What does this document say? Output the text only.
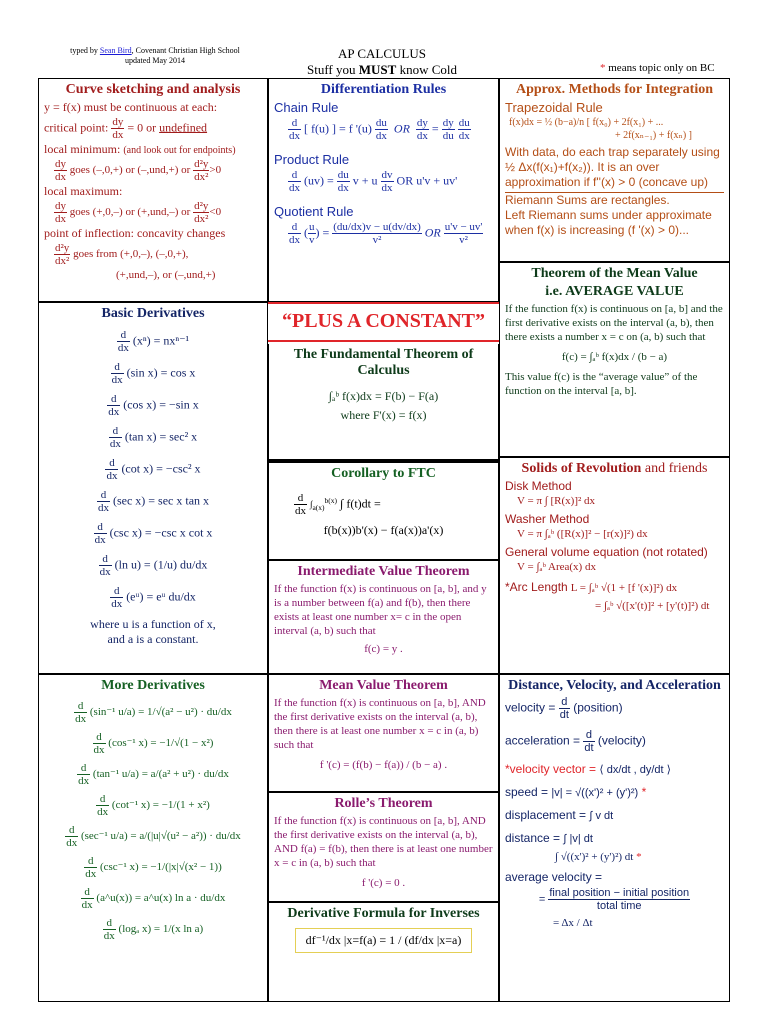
typed by Sean Bird, Covenant Christian High School
updated May 2014	AP CALCULUS
Stuff you MUST know Cold	* means topic only on BC
Curve sketching and analysis
y = f(x) must be continuous at each:
critical point: $\frac{dy}{dx} = 0$ or undefined
local minimum: (and look out for endpoints)
$\frac{dy}{dx}$ goes (–,0,+) or (–,und,+) or $\frac{\text{d²y}}{\text{dx²}} >0$
local maximum:
$\frac{dy}{dx}$ goes (+,0,–) or (+,und,–) or $\frac{\text{d²y}}{\text{dx²}} <0$
point of inflection: concavity changes
$\frac{\text{d²y}}{\text{dx²}}$ goes from (+,0,–), (–,0,+),
(+,und,–), or (–,und,+)
Differentiation Rules
Chain Rule
$\frac{d}{dx}$ [ f(u) ] = f '$(u) \frac{du}{dx}$ OR $\frac{dy}{dx} = \frac{dy}{du}$
$\frac{du}{dx}$
Product Rule
$\frac{d}{dx} (uv) = \frac{du}{dx}$ v + u $\frac{dv}{dx}$ OR u'v + uv'
Quotient Rule
$\frac{d}{dx}$ ( $\frac{u}{v}$ ) = $\frac{(du/dx)v - u(dv/dx)}{\text{v²}}$ OR $\frac{u'v - uv'}{\text{v²}}$
Approx. Methods for Integration
Trapezoidal Rule
f(x)dx = ½ (b−a)/n [ f(x₀) + 2f(x₁) + ...
+ 2f(xₙ₋₁) + f(xₙ) ]
With data, do each trap separately using ½ Δx(f(x₁)+f(x₂)). It is an over approximation if f''(x) > 0 (concave up)
Riemann Sums are rectangles.
Left Riemann sums under approximate when f(x) is increasing (f '(x) > 0)...
Basic Derivatives
$\frac{d}{dx} (x^n) = nx^{n-1}$
$\frac{d}{dx} (\sin$ x) = cos x
$\frac{d}{dx} (\cos$ x) = −sin x
$\frac{d}{dx} (\tan$ x) = sec² x
$\frac{d}{dx} (\cot$ x) = −csc² x
$\frac{d}{dx} (\sec$ x) = sec x tan x
$\frac{d}{dx} (\csc$ x) = −csc x cot x
$\frac{d}{dx} (\ln$ u) = (1/u) du/dx
$\frac{d}{dx}$ (eᵘ) = eᵘ du/dx
where u is a function of x,
and a is a constant.
“PLUS A CONSTANT”
The Fundamental Theorem of Calculus
∫ₐᵇ f(x)dx = F(b) − F(a)
where F'(x) = f(x)
Theorem of the Mean Value
i.e. AVERAGE VALUE
If the function f(x) is continuous on [a, b] and the first derivative exists on the interval (a, b), then there exists a number x = c on (a, b) such that
f(c) = ∫ₐᵇ f(x)dx / (b − a)
This value f(c) is the “average value” of the function on the interval [a, b].
Corollary to FTC
$\frac{d}{dx} \int_{a(x)}^{b(x)}$ ∫ f(t)dt =
f(b(x))b'(x) − f(a(x))a'(x)
Intermediate Value Theorem
If the function f(x) is continuous on [a, b], and y is a number between f(a) and f(b), then there exists at least one number x= c in the open interval (a, b) such that
f(c) = y .
Solids of Revolution and friends
Disk Method
V = π ∫ [R(x)]² dx
Washer Method
V = π ∫ₐᵇ ([R(x)]² − [r(x)]²) dx
General volume equation (not rotated)
V = ∫ₐᵇ Area(x) dx
*Arc Length L = ∫ₐᵇ √(1 + [f '(x)]²) dx
= ∫ₐᵇ √([x'(t)]² + [y'(t)]²) dt
More Derivatives
$\frac{d}{dx} (\sin^{-1}$ u/a) = 1/√(a² − u²) · du/dx
$\frac{d}{dx} (\cos^{-1}$ x) = −1/√(1 − x²)
$\frac{d}{dx} (\tan^{-1}$ u/a) = a/(a² + u²) · du/dx
$\frac{d}{dx} (\cot^{-1}$ x) = −1/(1 + x²)
$\frac{d}{dx} (\sec^{-1}$ u/a) = a/(|u|√(u² − a²)) · du/dx
$\frac{d}{dx} (\csc^{-1}$ x) = −1/(|x|√(x² − 1))
$\frac{d}{dx}$ (a^u(x)) = a^u(x) ln a · du/dx
$\frac{d}{dx} (\log_a$ x) = 1/(x ln a)
Mean Value Theorem
If the function f(x) is continuous on [a, b], AND the first derivative exists on the interval (a, b), then there is at least one number x = c in (a, b) such that
f '(c) = (f(b) − f(a)) / (b − a) .
Rolle’s Theorem
If the function f(x) is continuous on [a, b], AND the first derivative exists on the interval (a, b), AND f(a) = f(b), then there is at least one number x = c in (a, b) such that
f '(c) = 0 .
Derivative Formula for Inverses
df⁻¹/dx |x=f(a) = 1 / (df/dx |x=a)
Distance, Velocity, and Acceleration
velocity = $\frac{d}{dt}$ (position)
acceleration = $\frac{d}{dt}$ (velocity)
*velocity vector = ⟨ dx/dt , dy/dt ⟩
speed = |v| = √((x')² + (y')²) *
displacement = ∫ v dt
distance = ∫ |v| dt
∫ √((x')² + (y')²) dt *
average velocity =
= $\frac{\text{final position − initial position}}{\text{total time}}$
= Δx / Δt
